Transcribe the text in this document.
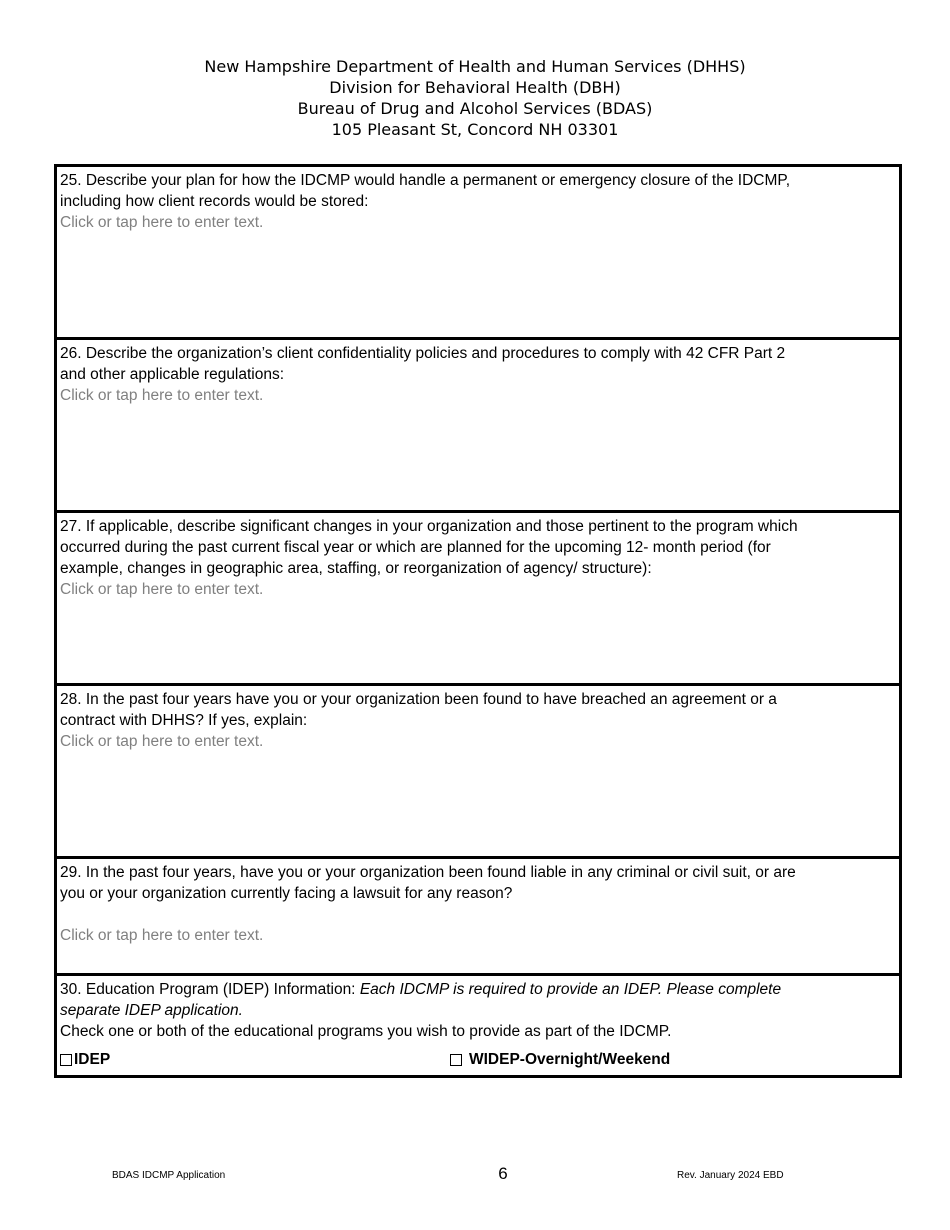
New Hampshire Department of Health and Human Services (DHHS)
Division for Behavioral Health (DBH)
Bureau of Drug and Alcohol Services (BDAS)
105 Pleasant St, Concord NH 03301
25. Describe your plan for how the IDCMP would handle a permanent or emergency closure of the IDCMP, including how client records would be stored:
Click or tap here to enter text.

26. Describe the organization’s client confidentiality policies and procedures to comply with 42 CFR Part 2 and other applicable regulations:
Click or tap here to enter text.

27. If applicable, describe significant changes in your organization and those pertinent to the program which occurred during the past current fiscal year or which are planned for the upcoming 12- month period (for example, changes in geographic area, staffing, or reorganization of agency/ structure):
Click or tap here to enter text.

28. In the past four years have you or your organization been found to have breached an agreement or a contract with DHHS? If yes, explain:
Click or tap here to enter text.

29. In the past four years, have you or your organization been found liable in any criminal or civil suit, or are you or your organization currently facing a lawsuit for any reason?
Click or tap here to enter text.

30. Education Program (IDEP) Information: Each IDCMP is required to provide an IDEP. Please complete separate IDEP application.
Check one or both of the educational programs you wish to provide as part of the IDCMP.
IDEP	WIDEP-Overnight/Weekend
BDAS IDCMP Application	6	Rev. January 2024 EBD
